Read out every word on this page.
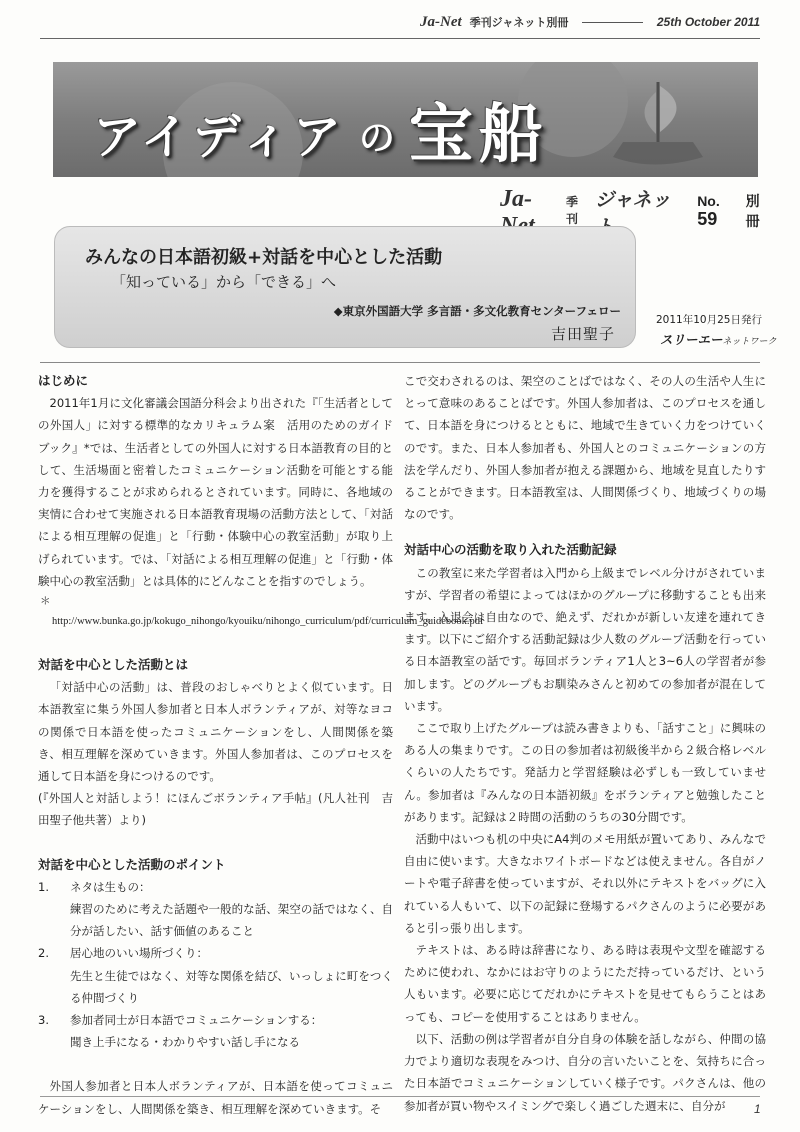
Ja-Net 季刊ジャネット別冊	25th October 2011
アイディア の 宝船
Ja-	季刊
ジャネッ	No. 59
別冊
みんなの日本語初級+対話を中心とした活動
「知っている」から「できる」へ
◆東京外国語大学 多言語・多文化教育センターフェロー
吉田聖子
2011年10月25日発行
スリーエーネットワーク
はじめに

2011年1月に文化審議会国語分科会より出された『「生活者としての外国人」に対する標準的なカリキュラム案　活用のためのガイドブック』*では、生活者としての外国人に対する日本語教育の目的として、生活場面と密着したコミュニケーション活動を可能とする能力を獲得することが求められるとされています。同時に、各地域の実情に合わせて実施される日本語教育現場の活動方法として、「対話による相互理解の促進」と「行動・体験中心の教室活動」が取り上げられています。では、「対話による相互理解の促進」と「行動・体験中心の教室活動」とは具体的にどんなことを指すのでしょう。

＊ http://www.bunka.go.jp/kokugo_nihongo/kyouiku/nihongo_curriculum/pdf/curriculum_guidebook.pdf
対話を中心とした活動とは

「対話中心の活動」は、普段のおしゃべりとよく似ています。日本語教室に集う外国人参加者と日本人ボランティアが、対等なヨコの関係で日本語を使ったコミュニケーションをし、人間関係を築き、相互理解を深めていきます。外国人参加者は、このプロセスを通して日本語を身につけるのです。

(『外国人と対話しよう！にほんごボランティア手帖』(凡人社刊　吉田聖子他共著）より)

対話を中心とした活動のポイント
1.	ネタは生もの：

練習のために考えた話題や一般的な話、架空の話ではなく、自分が話したい、話す価値のあること

2.	居心地のいい場所づくり：

先生と生徒ではなく、対等な関係を結び、いっしょに町をつくる仲間づくり

3.	参加者同士が日本語でコミュニケーションする：

聞き上手になる・わかりやすい話し手になる

外国人参加者と日本人ボランティアが、日本語を使ってコミュニケーションをし、人間関係を築き、相互理解を深めていきます。そ

こで交わされるのは、架空のことばではなく、その人の生活や人生にとって意味のあることばです。外国人参加者は、このプロセスを通して、日本語を身につけるとともに、地域で生きていく力をつけていくのです。また、日本人参加者も、外国人とのコミュニケーションの方法を学んだり、外国人参加者が抱える課題から、地域を見直したりすることができます。日本語教室は、人間関係づくり、地域づくりの場なのです。

対話中心の活動を取り入れた活動記録

この教室に来た学習者は入門から上級までレベル分けがされていますが、学習者の希望によってはほかのグループに移動することも出来ます。入退会は自由なので、絶えず、だれかが新しい友達を連れてきます。以下にご紹介する活動記録は少人数のグループ活動を行っている日本語教室の話です。毎回ボランティア1人と3~6人の学習者が参加します。どのグループもお馴染みさんと初めての参加者が混在しています。

ここで取り上げたグループは読み書きよりも、「話すこと」に興味のある人の集まりです。この日の参加者は初級後半から２級合格レベルくらいの人たちです。発話力と学習経験は必ずしも一致していません。参加者は『みんなの日本語初級』をボランティアと勉強したことがあります。記録は２時間の活動のうちの30分間です。

活動中はいつも机の中央にA4判のメモ用紙が置いてあり、みんなで自由に使います。大きなホワイトボードなどは使えません。各自がノートや電子辞書を使っていますが、それ以外にテキストをバッグに入れている人もいて、以下の記録に登場するパクさんのように必要があると引っ張り出します。

テキストは、ある時は辞書になり、ある時は表現や文型を確認するために使われ、なかにはお守りのようにただ持っているだけ、という人もいます。必要に応じてだれかにテキストを見せてもらうことはあっても、コピーを使用することはありません。

以下、活動の例は学習者が自分自身の体験を話しながら、仲間の協力でより適切な表現をみつけ、自分の言いたいことを、気持ちに合った日本語でコミュニケーションしていく様子です。パクさんは、他の参加者が買い物やスイミングで楽しく過ごした週末に、自分が	1
